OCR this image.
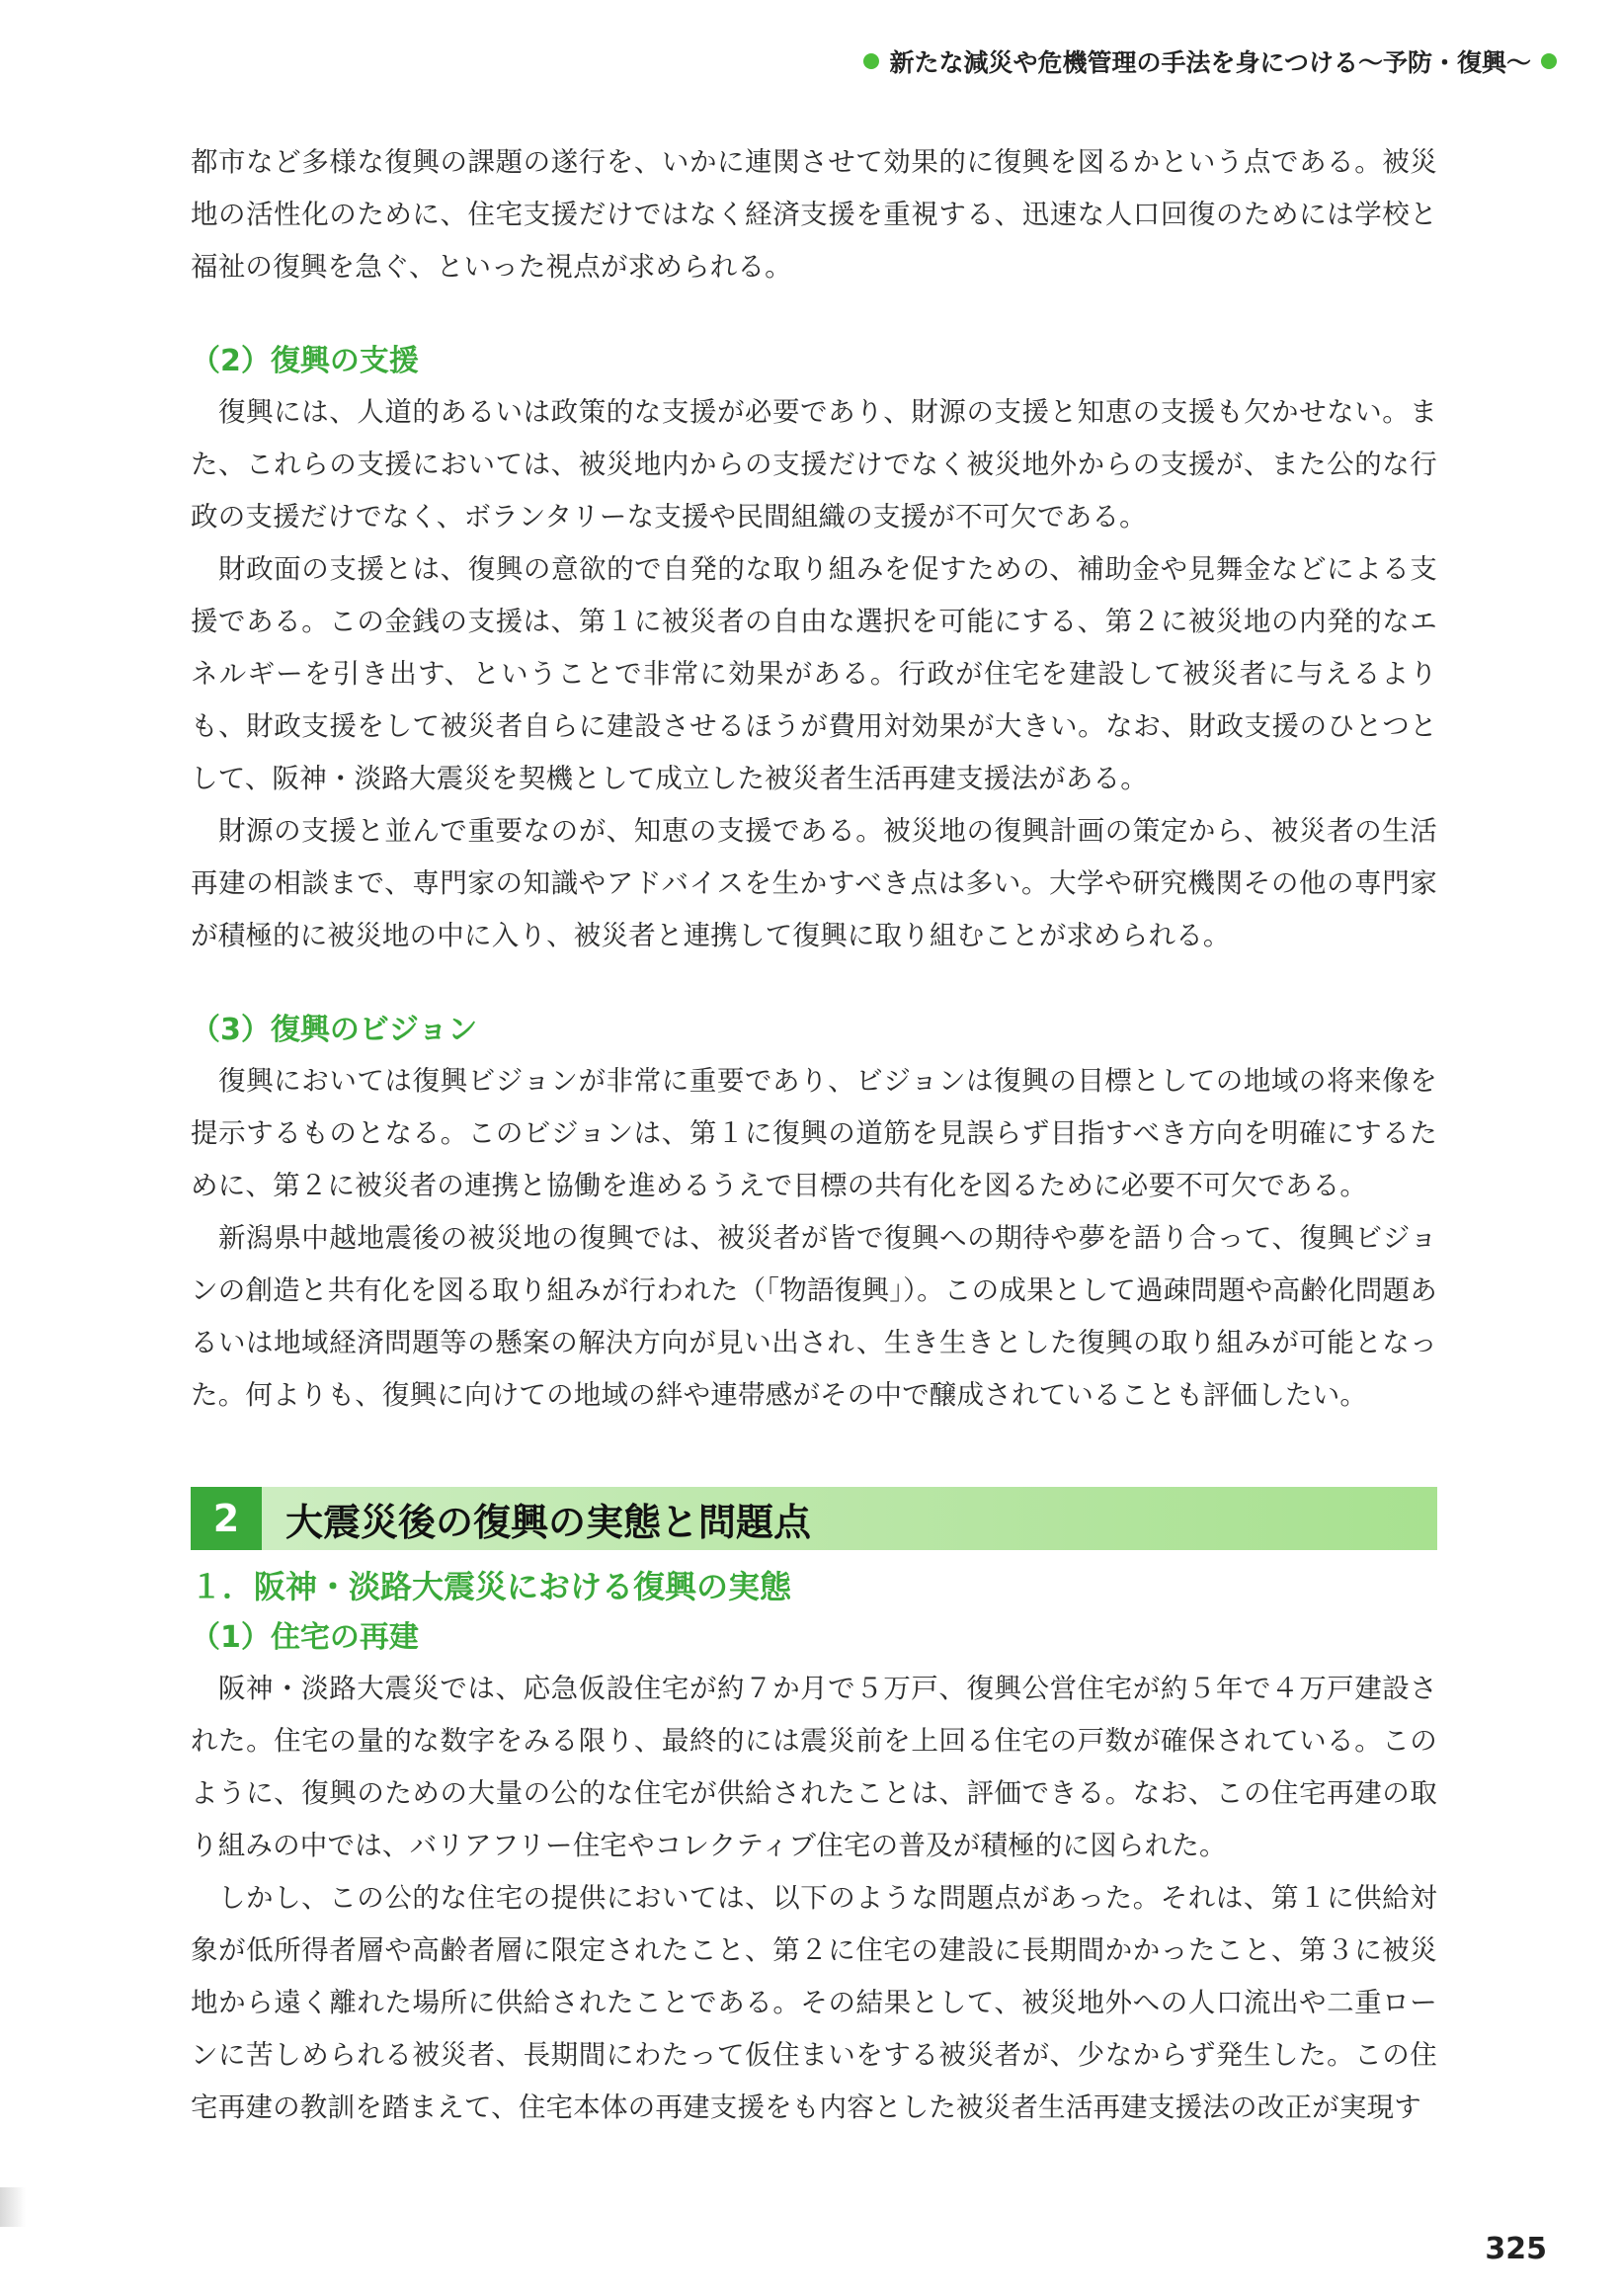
新たな減災や危機管理の手法を身につける〜予防・復興〜

都市など多様な復興の課題の遂行を、いかに連関させて効果的に復興を図るかという点である。被災地の活性化のために、住宅支援だけではなく経済支援を重視する、迅速な人口回復のためには学校と福祉の復興を急ぐ、といった視点が求められる。

（2）復興の支援

復興には、人道的あるいは政策的な支援が必要であり、財源の支援と知恵の支援も欠かせない。また、これらの支援においては、被災地内からの支援だけでなく被災地外からの支援が、また公的な行政の支援だけでなく、ボランタリーな支援や民間組織の支援が不可欠である。

財政面の支援とは、復興の意欲的で自発的な取り組みを促すための、補助金や見舞金などによる支援である。この金銭の支援は、第１に被災者の自由な選択を可能にする、第２に被災地の内発的なエネルギーを引き出す、ということで非常に効果がある。行政が住宅を建設して被災者に与えるよりも、財政支援をして被災者自らに建設させるほうが費用対効果が大きい。なお、財政支援のひとつとして、阪神・淡路大震災を契機として成立した被災者生活再建支援法がある。

財源の支援と並んで重要なのが、知恵の支援である。被災地の復興計画の策定から、被災者の生活再建の相談まで、専門家の知識やアドバイスを生かすべき点は多い。大学や研究機関その他の専門家が積極的に被災地の中に入り、被災者と連携して復興に取り組むことが求められる。

（3）復興のビジョン

復興においては復興ビジョンが非常に重要であり、ビジョンは復興の目標としての地域の将来像を提示するものとなる。このビジョンは、第１に復興の道筋を見誤らず目指すべき方向を明確にするために、第２に被災者の連携と協働を進めるうえで目標の共有化を図るために必要不可欠である。

新潟県中越地震後の被災地の復興では、被災者が皆で復興への期待や夢を語り合って、復興ビジョンの創造と共有化を図る取り組みが行われた（「物語復興」）。この成果として過疎問題や高齢化問題あるいは地域経済問題等の懸案の解決方向が見い出され、生き生きとした復興の取り組みが可能となった。何よりも、復興に向けての地域の絆や連帯感がその中で醸成されていることも評価したい。

2	大震災後の復興の実態と問題点
１．阪神・淡路大震災における復興の実態
（1）住宅の再建

阪神・淡路大震災では、応急仮設住宅が約７か月で５万戸、復興公営住宅が約５年で４万戸建設された。住宅の量的な数字をみる限り、最終的には震災前を上回る住宅の戸数が確保されている。このように、復興のための大量の公的な住宅が供給されたことは、評価できる。なお、この住宅再建の取り組みの中では、バリアフリー住宅やコレクティブ住宅の普及が積極的に図られた。

しかし、この公的な住宅の提供においては、以下のような問題点があった。それは、第１に供給対象が低所得者層や高齢者層に限定されたこと、第２に住宅の建設に長期間かかったこと、第３に被災地から遠く離れた場所に供給されたことである。その結果として、被災地外への人口流出や二重ローンに苦しめられる被災者、長期間にわたって仮住まいをする被災者が、少なからず発生した。この住宅再建の教訓を踏まえて、住宅本体の再建支援をも内容とした被災者生活再建支援法の改正が実現す

325
